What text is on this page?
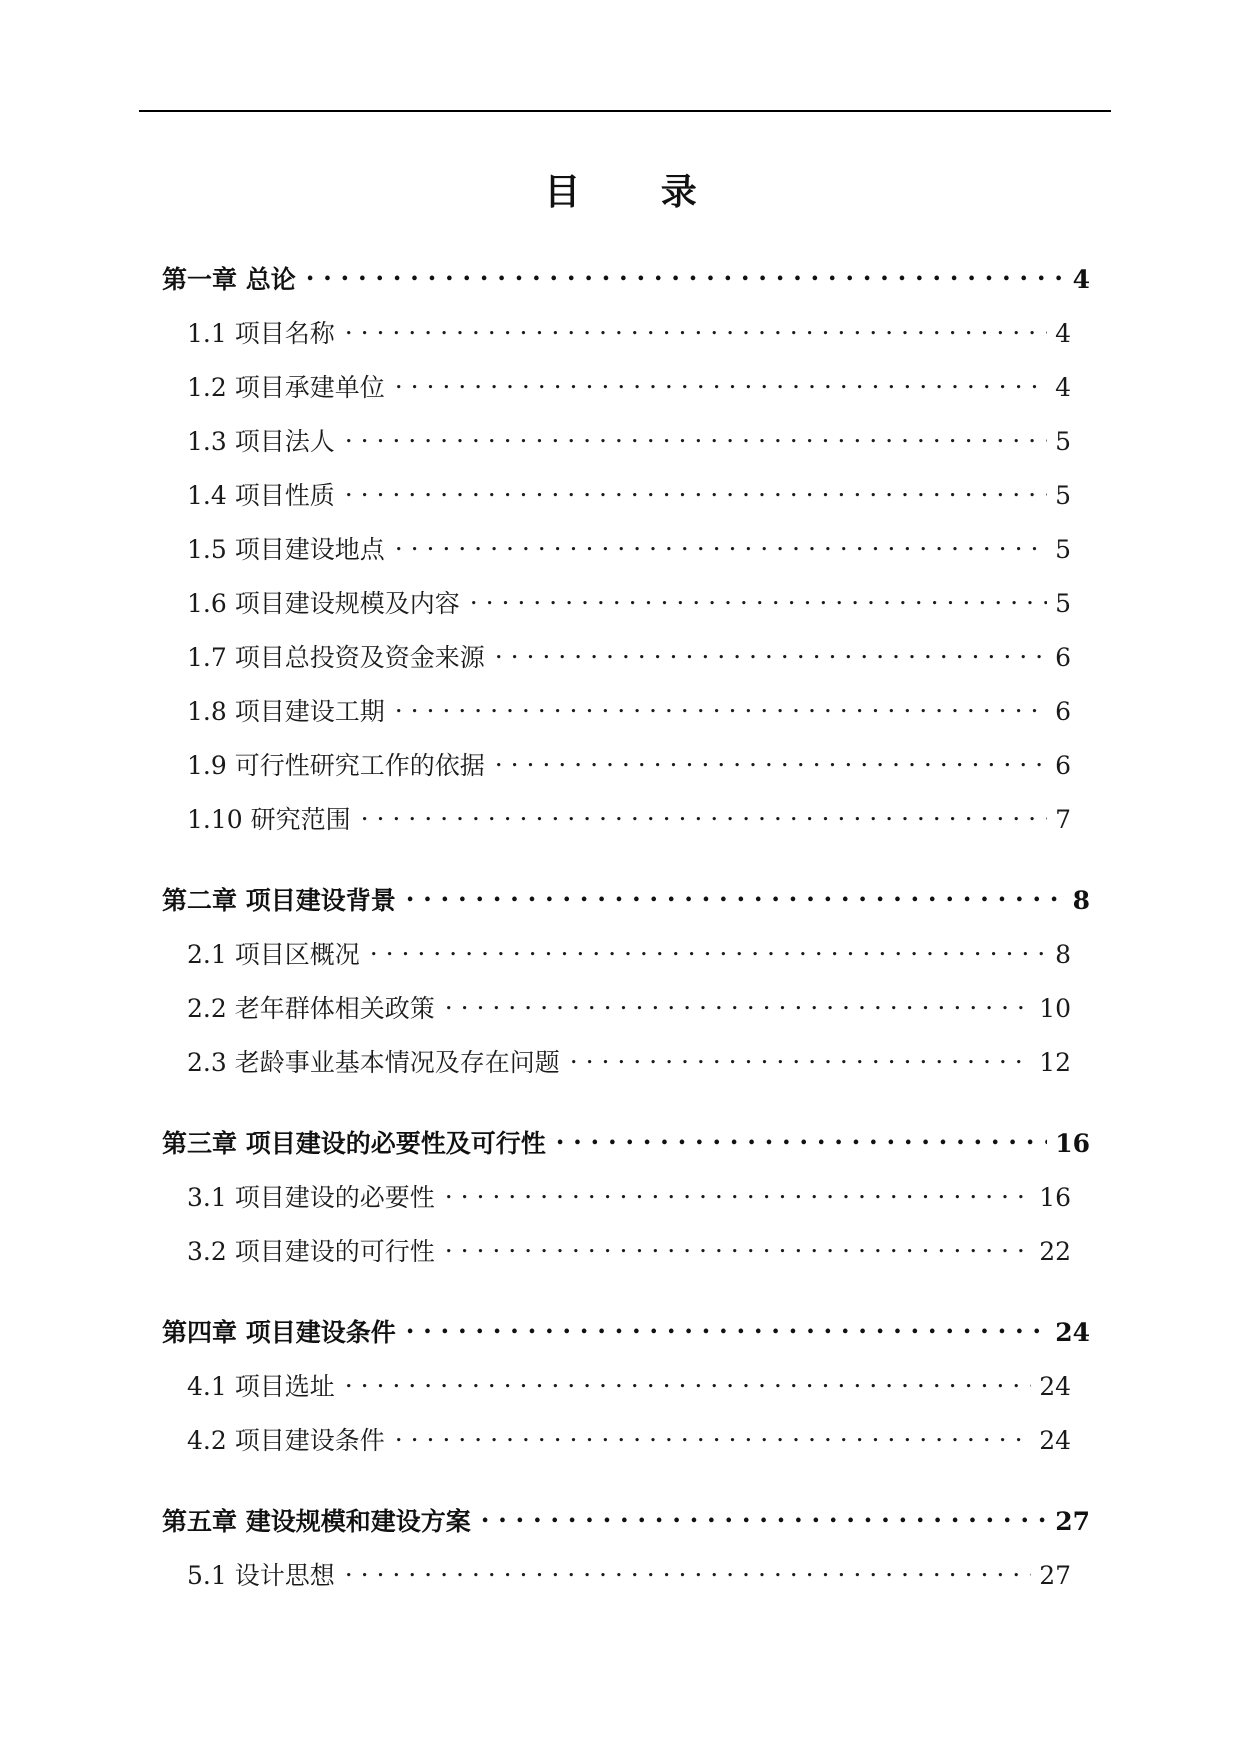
目 录
第一章 总论 . . .	4
1.1 项目名称 . . .	4
1.2 项目承建单位 . . .	4
1.3 项目法人 . . .	5
1.4 项目性质 . . .	5
1.5 项目建设地点 . . .	5
1.6 项目建设规模及内容 . . .	5
1.7 项目总投资及资金来源 . . .	6
1.8 项目建设工期 . . .	6
1.9 可行性研究工作的依据 . . .	6
1.10 研究范围 . . .	7
第二章 项目建设背景 . . .	8
2.1 项目区概况 . . .	8
2.2 老年群体相关政策 . . .	10
2.3 老龄事业基本情况及存在问题 . . .	12
第三章 项目建设的必要性及可行性 . . .	16
3.1 项目建设的必要性 . . .	16
3.2 项目建设的可行性 . . .	22
第四章 项目建设条件 . . .	24
4.1 项目选址 . . .	24
4.2 项目建设条件 . . .	24
第五章 建设规模和建设方案 . . .	27
5.1 设计思想 . . .	27
